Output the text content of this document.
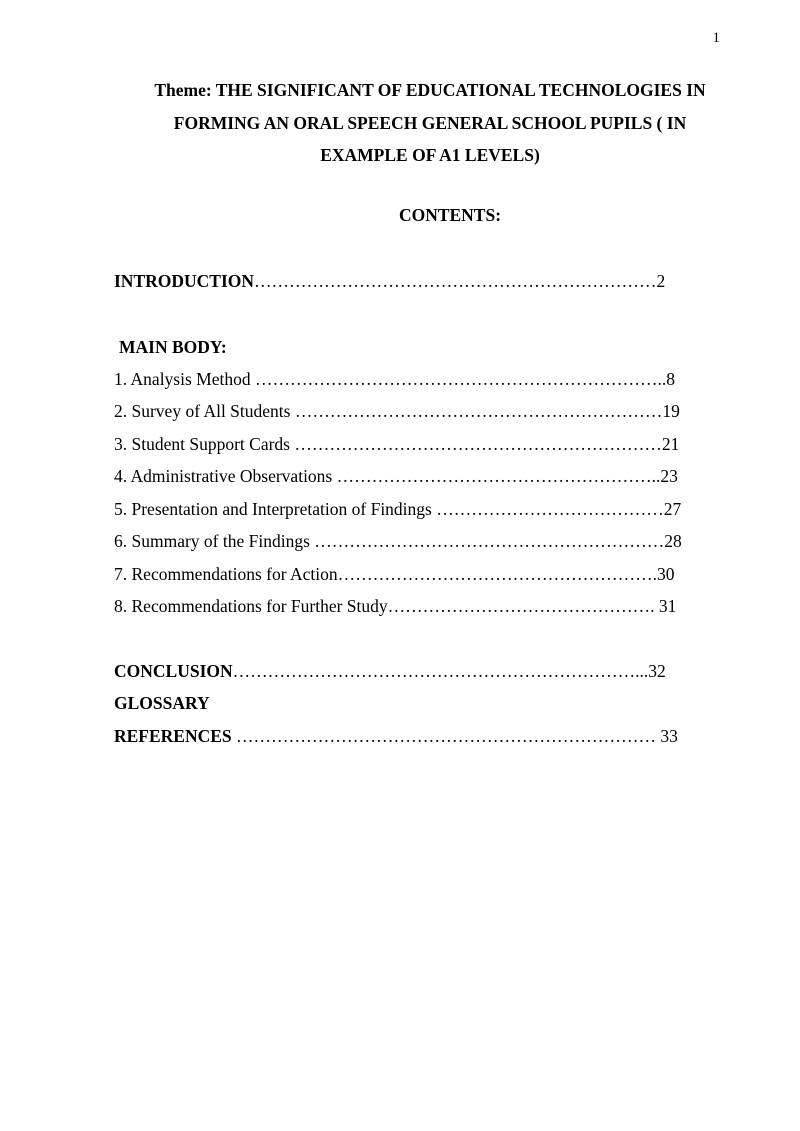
1
Theme: THE SIGNIFICANT OF EDUCATIONAL TECHNOLOGIES IN
FORMING AN ORAL SPEECH GENERAL SCHOOL PUPILS ( IN
EXAMPLE OF A1 LEVELS)
CONTENTS:
INTRODUCTION……………………………………………………………2
MAIN BODY:
1. Analysis Method ……………………………………………………………..8
2. Survey of All Students ………………………………………………………19
3. Student Support Cards ………………………………………………………21
4. Administrative Observations ………………………………………………..23
5. Presentation and Interpretation of Findings …………………………………27
6. Summary of the Findings ……………………………………………………28
7. Recommendations for Action……………………………………………….30
8. Recommendations for Further Study………………………………………. 31
CONCLUSION……………………………………………………………...32
GLOSSARY
REFERENCES ……………………………………………………………… 33
